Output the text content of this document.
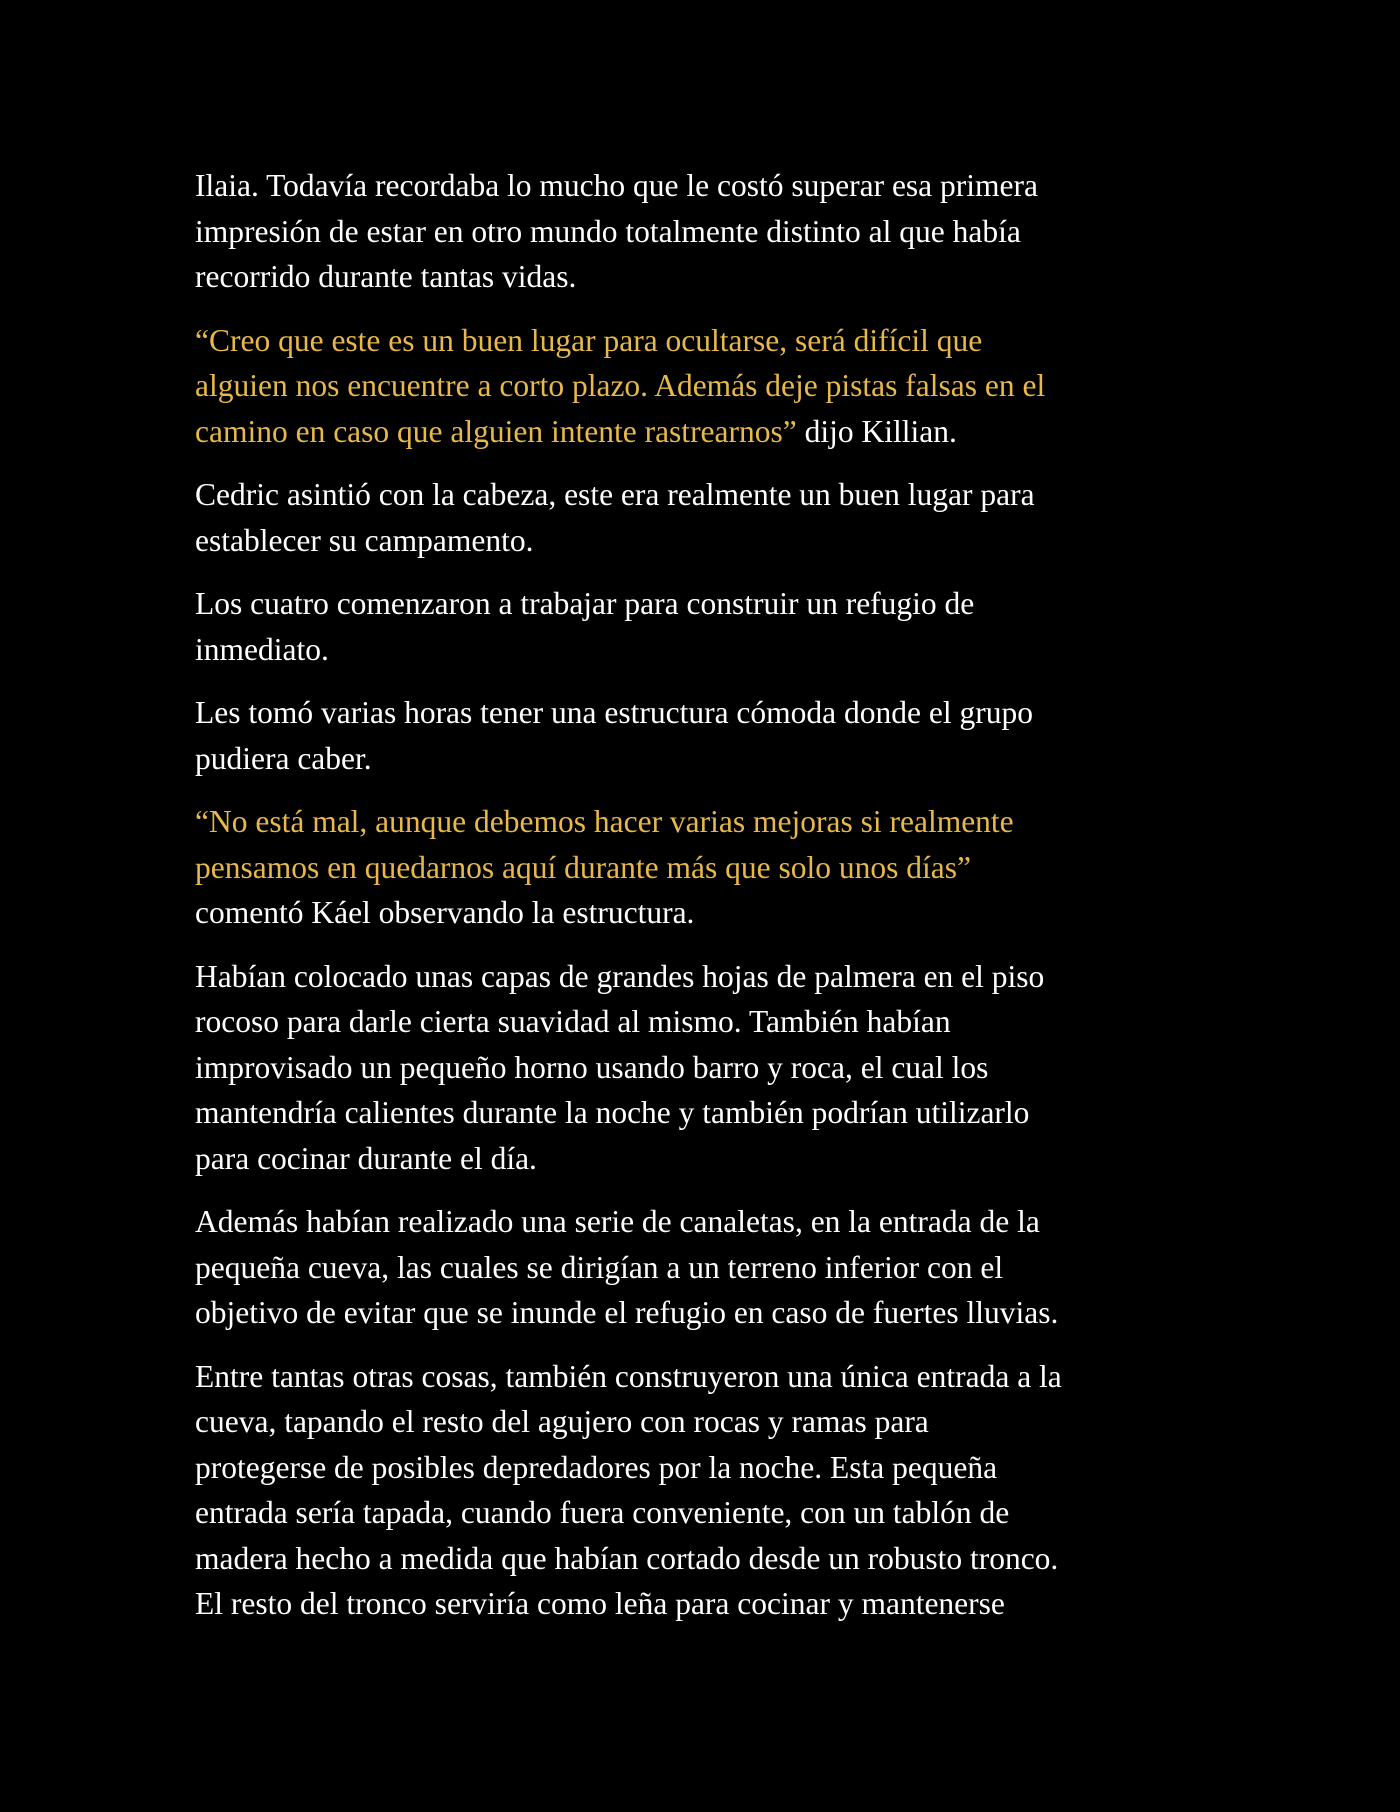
Ilaia. Todavía recordaba lo mucho que le costó superar esa primera
impresión de estar en otro mundo totalmente distinto al que había
recorrido durante tantas vidas.

“Creo que este es un buen lugar para ocultarse, será difícil que
alguien nos encuentre a corto plazo. Además deje pistas falsas en el
camino en caso que alguien intente rastrearnos” dijo Killian.

Cedric asintió con la cabeza, este era realmente un buen lugar para
establecer su campamento.

Los cuatro comenzaron a trabajar para construir un refugio de
inmediato.

Les tomó varias horas tener una estructura cómoda donde el grupo
pudiera caber.

“No está mal, aunque debemos hacer varias mejoras si realmente
pensamos en quedarnos aquí durante más que solo unos días”
comentó Káel observando la estructura.

Habían colocado unas capas de grandes hojas de palmera en el piso
rocoso para darle cierta suavidad al mismo. También habían
improvisado un pequeño horno usando barro y roca, el cual los
mantendría calientes durante la noche y también podrían utilizarlo
para cocinar durante el día.

Además habían realizado una serie de canaletas, en la entrada de la
pequeña cueva, las cuales se dirigían a un terreno inferior con el
objetivo de evitar que se inunde el refugio en caso de fuertes lluvias.

Entre tantas otras cosas, también construyeron una única entrada a la
cueva, tapando el resto del agujero con rocas y ramas para
protegerse de posibles depredadores por la noche. Esta pequeña
entrada sería tapada, cuando fuera conveniente, con un tablón de
madera hecho a medida que habían cortado desde un robusto tronco.
El resto del tronco serviría como leña para cocinar y mantenerse
